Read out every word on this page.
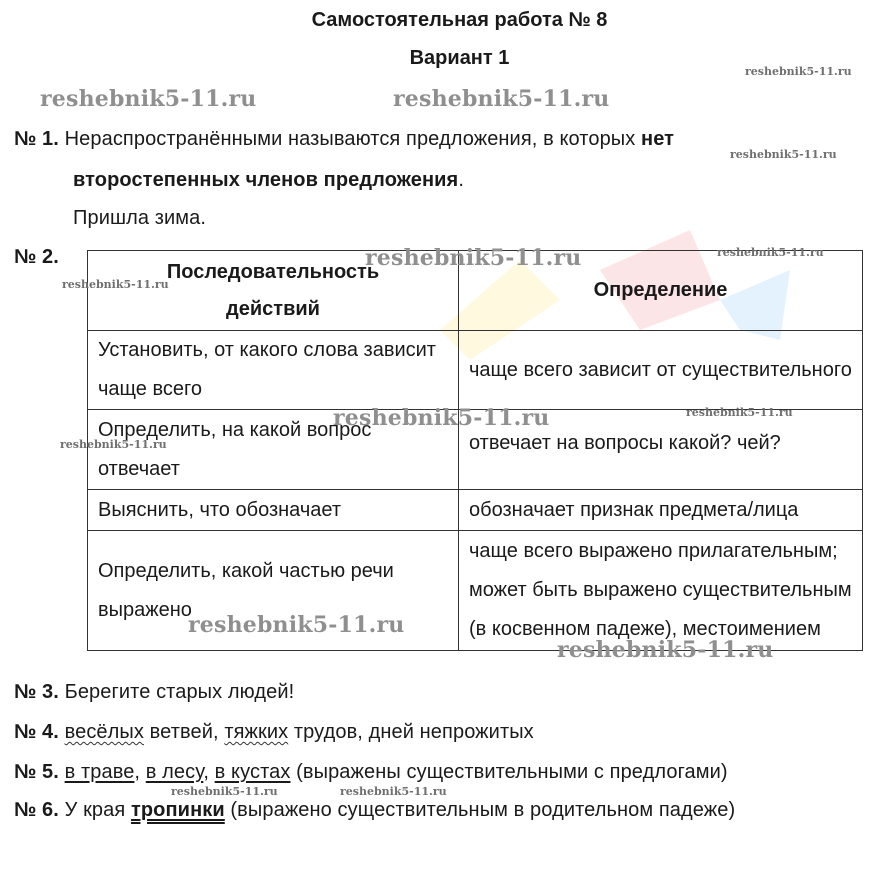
Самостоятельная работа № 8
Вариант 1
№ 1. Нераспространёнными называются предложения, в которых нет
второстепенных членов предложения.
Пришла зима.
№ 2.
Последовательность действий	Определение
Установить, от какого слова зависит чаще всего	чаще всего зависит от существительного
Определить, на какой вопрос отвечает	отвечает на вопросы какой? чей?
Выяснить, что обозначает	обозначает признак предмета/лица
Определить, какой частью речи выражено	чаще всего выражено прилагательным; может быть выражено существительным (в косвенном падеже), местоимением
№ 3. Берегите старых людей!
№ 4. весёлых ветвей, тяжких трудов, дней непрожитых
№ 5. в траве, в лесу, в кустах (выражены существительными с предлогами)
№ 6. У края тропинки (выражено существительным в родительном падеже)
reshebnik5-11.ru	reshebnik5-11.ru
reshebnik5-11.ru
reshebnik5-11.ru
reshebnik5-11.ru	reshebnik5-11.ru
reshebnik5-11.ru
reshebnik5-11.ru	reshebnik5-11.ru
reshebnik5-11.ru
reshebnik5-11.ru
reshebnik5-11.ru
reshebnik5-11.ru	reshebnik5-11.ru
